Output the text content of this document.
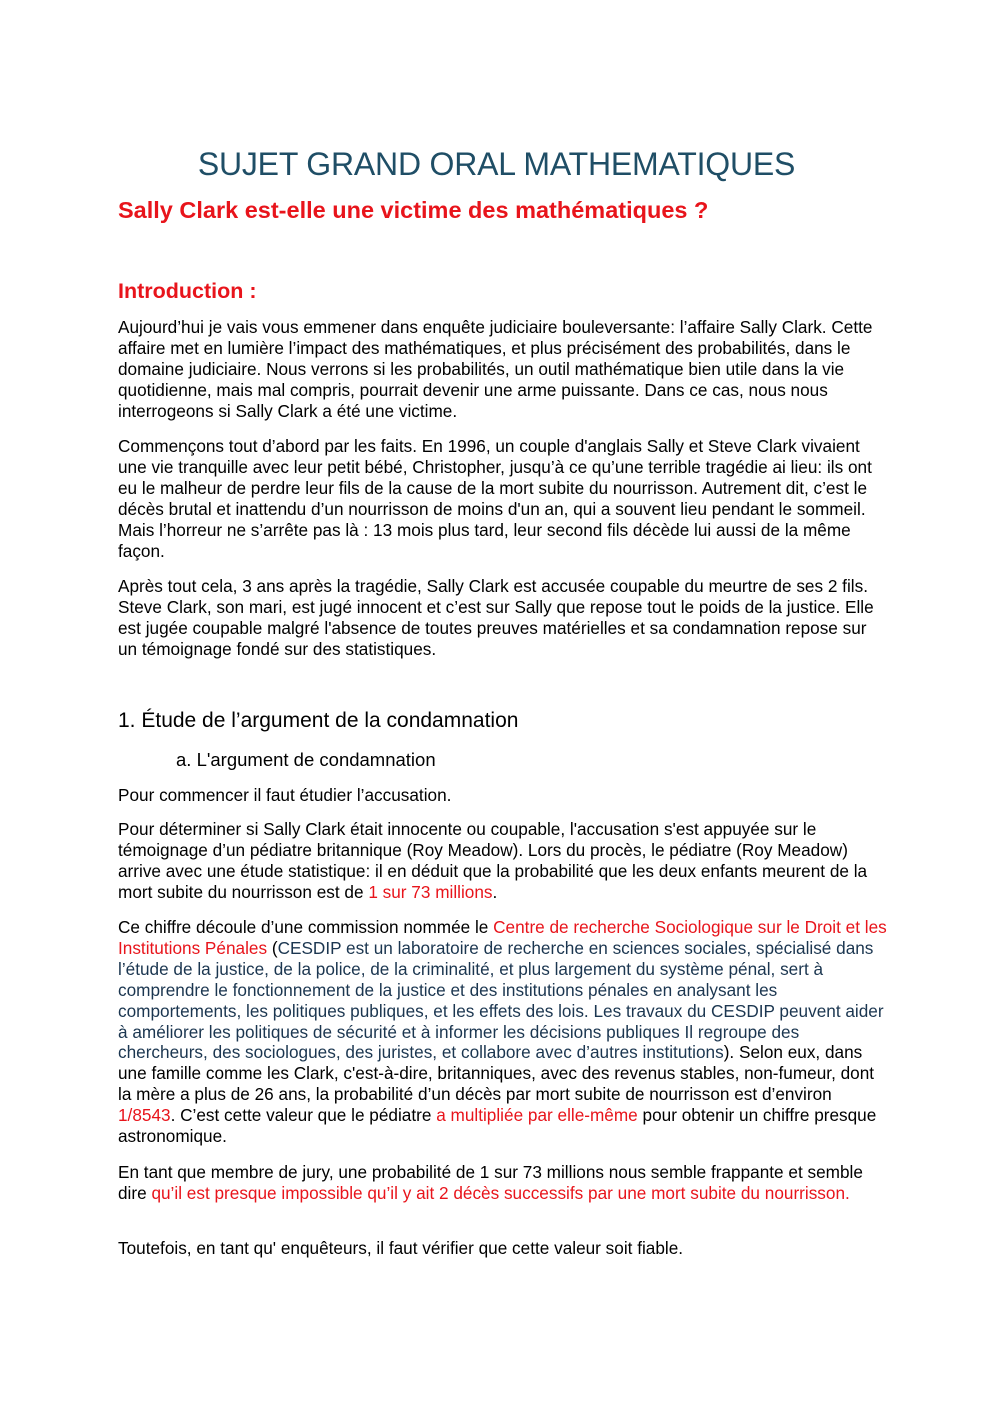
SUJET GRAND ORAL MATHEMATIQUES
Sally Clark est-elle une victime des mathématiques ?
Introduction :

Aujourd’hui je vais vous emmener dans enquête judiciaire bouleversante: l’affaire Sally Clark. Cette affaire met en lumière l’impact des mathématiques, et plus précisément des probabilités, dans le domaine judiciaire. Nous verrons si les probabilités, un outil mathématique bien utile dans la vie quotidienne, mais mal compris, pourrait devenir une arme puissante. Dans ce cas, nous nous interrogeons si Sally Clark a été une victime.

Commençons tout d’abord par les faits. En 1996, un couple d'anglais Sally et Steve Clark vivaient une vie tranquille avec leur petit bébé, Christopher, jusqu’à ce qu’une terrible tragédie ai lieu: ils ont eu le malheur de perdre leur fils de la cause de la mort subite du nourrisson. Autrement dit, c’est le décès brutal et inattendu d’un nourrisson de moins d'un an, qui a souvent lieu pendant le sommeil. Mais l’horreur ne s’arrête pas là : 13 mois plus tard, leur second fils décède lui aussi de la même façon.

Après tout cela, 3 ans après la tragédie, Sally Clark est accusée coupable du meurtre de ses 2 fils. Steve Clark, son mari, est jugé innocent et c’est sur Sally que repose tout le poids de la justice. Elle est jugée coupable malgré l'absence de toutes preuves matérielles et sa condamnation repose sur un témoignage fondé sur des statistiques.

1. Étude de l’argument de la condamnation
a. L'argument de condamnation

Pour commencer il faut étudier l’accusation.

Pour déterminer si Sally Clark était innocente ou coupable, l'accusation s'est appuyée sur le témoignage d’un pédiatre britannique (Roy Meadow). Lors du procès, le pédiatre (Roy Meadow) arrive avec une étude statistique: il en déduit que la probabilité que les deux enfants meurent de la mort subite du nourrisson est de 1 sur 73 millions.

Ce chiffre découle d’une commission nommée le Centre de recherche Sociologique sur le Droit et les Institutions Pénales (CESDIP est un laboratoire de recherche en sciences sociales, spécialisé dans l’étude de la justice, de la police, de la criminalité, et plus largement du système pénal, sert à comprendre le fonctionnement de la justice et des institutions pénales en analysant les comportements, les politiques publiques, et les effets des lois. Les travaux du CESDIP peuvent aider à améliorer les politiques de sécurité et à informer les décisions publiques Il regroupe des chercheurs, des sociologues, des juristes, et collabore avec d’autres institutions). Selon eux, dans une famille comme les Clark, c'est-à-dire, britanniques, avec des revenus stables, non-fumeur, dont la mère a plus de 26 ans, la probabilité d’un décès par mort subite de nourrisson est d’environ 1/8543. C’est cette valeur que le pédiatre a multipliée par elle-même pour obtenir un chiffre presque astronomique.

En tant que membre de jury, une probabilité de 1 sur 73 millions nous semble frappante et semble dire qu’il est presque impossible qu’il y ait 2 décès successifs par une mort subite du nourrisson.

Toutefois, en tant qu' enquêteurs, il faut vérifier que cette valeur soit fiable.
